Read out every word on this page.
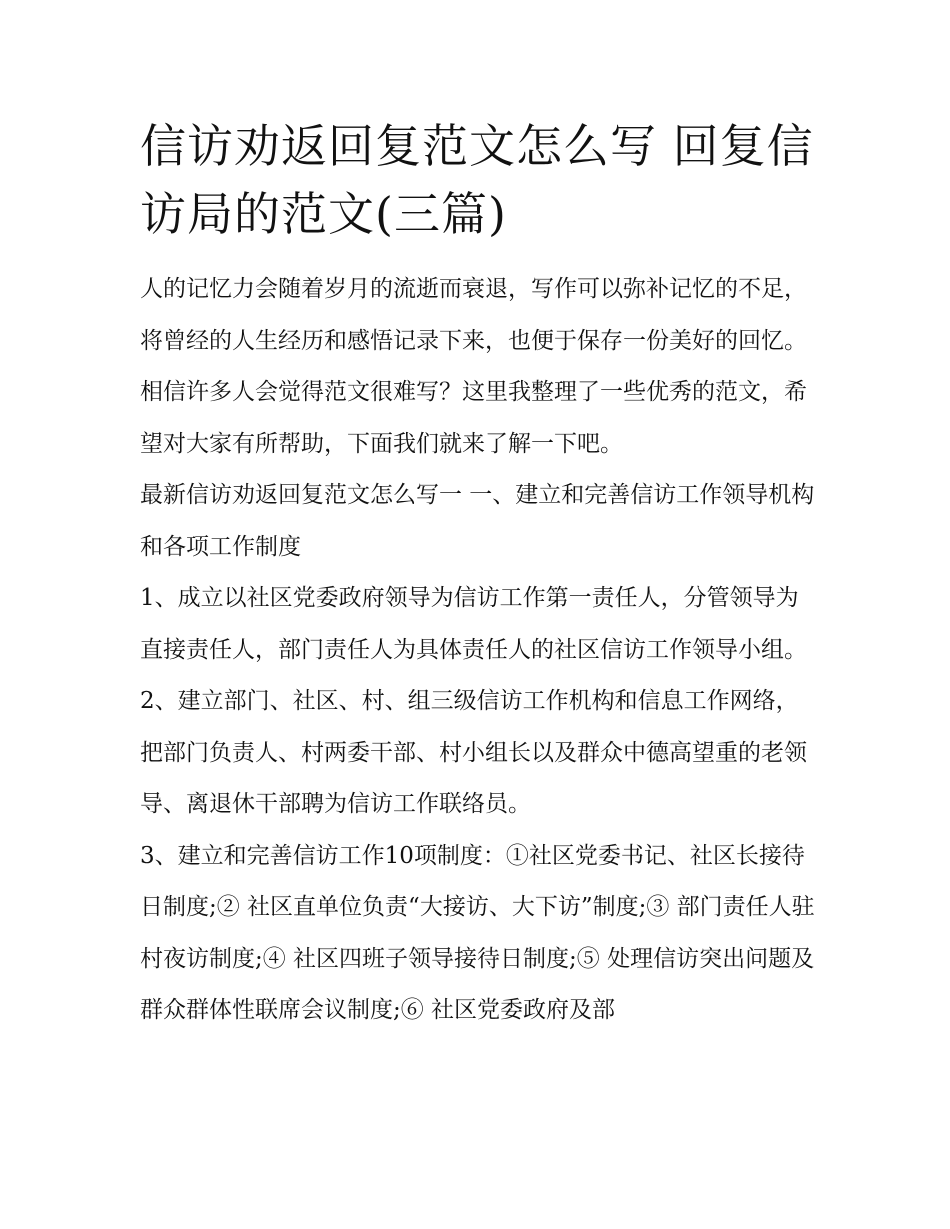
信访劝返回复范文怎么写 回复信访局的范文(三篇)

人的记忆力会随着岁月的流逝而衰退，写作可以弥补记忆的不足，将曾经的人生经历和感悟记录下来，也便于保存一份美好的回忆。相信许多人会觉得范文很难写？这里我整理了一些优秀的范文，希望对大家有所帮助，下面我们就来了解一下吧。

最新信访劝返回复范文怎么写一 一、建立和完善信访工作领导机构和各项工作制度

1、成立以社区党委政府领导为信访工作第一责任人，分管领导为直接责任人，部门责任人为具体责任人的社区信访工作领导小组。

2、建立部门、社区、村、组三级信访工作机构和信息工作网络，把部门负责人、村两委干部、村小组长以及群众中德高望重的老领导、离退休干部聘为信访工作联络员。

3、建立和完善信访工作10项制度：①社区党委书记、社区长接待日制度;② 社区直单位负责“大接访、大下访”制度;③ 部门责任人驻村夜访制度;④ 社区四班子领导接待日制度;⑤ 处理信访突出问题及群众群体性联席会议制度;⑥ 社区党委政府及部
